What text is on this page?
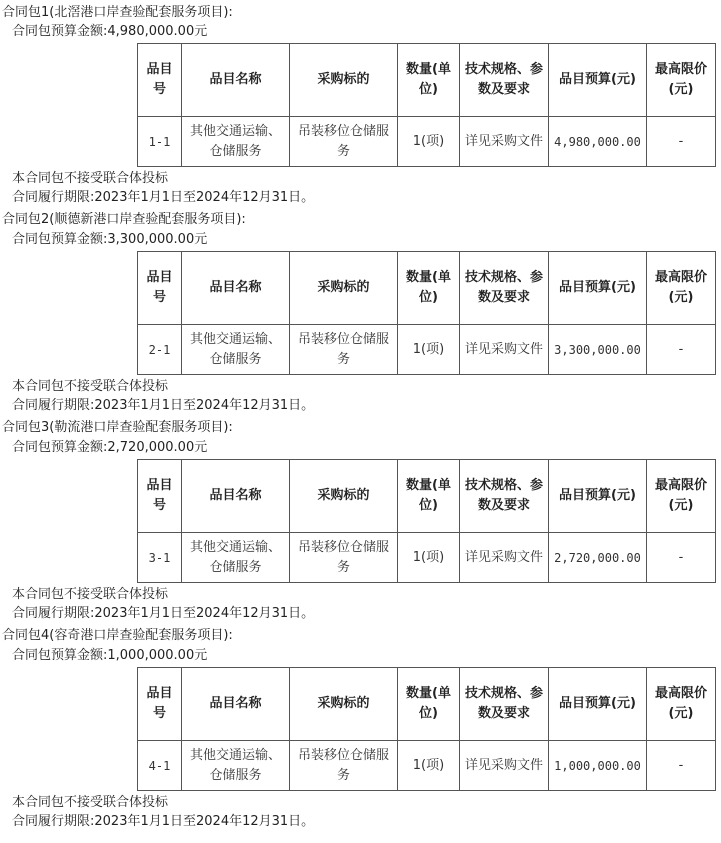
合同包1(北滘港口岸查验配套服务项目):
合同包预算金额:4,980,000.00元
品目号	品目名称	采购标的	数量(单位)	技术规格、参数及要求	品目预算(元)	最高限价(元)
1-1	其他交通运输、仓储服务	吊装移位仓储服务	1(项)	详见采购文件	4,980,000.00	-
本合同包不接受联合体投标
合同履行期限:2023年1月1日至2024年12月31日。
合同包2(顺德新港口岸查验配套服务项目):
合同包预算金额:3,300,000.00元
品目号	品目名称	采购标的	数量(单位)	技术规格、参数及要求	品目预算(元)	最高限价(元)
2-1	其他交通运输、仓储服务	吊装移位仓储服务	1(项)	详见采购文件	3,300,000.00	-
本合同包不接受联合体投标
合同履行期限:2023年1月1日至2024年12月31日。
合同包3(勒流港口岸查验配套服务项目):
合同包预算金额:2,720,000.00元
品目号	品目名称	采购标的	数量(单位)	技术规格、参数及要求	品目预算(元)	最高限价(元)
3-1	其他交通运输、仓储服务	吊装移位仓储服务	1(项)	详见采购文件	2,720,000.00	-
本合同包不接受联合体投标
合同履行期限:2023年1月1日至2024年12月31日。
合同包4(容奇港口岸查验配套服务项目):
合同包预算金额:1,000,000.00元
品目号	品目名称	采购标的	数量(单位)	技术规格、参数及要求	品目预算(元)	最高限价(元)
4-1	其他交通运输、仓储服务	吊装移位仓储服务	1(项)	详见采购文件	1,000,000.00	-
本合同包不接受联合体投标
合同履行期限:2023年1月1日至2024年12月31日。
